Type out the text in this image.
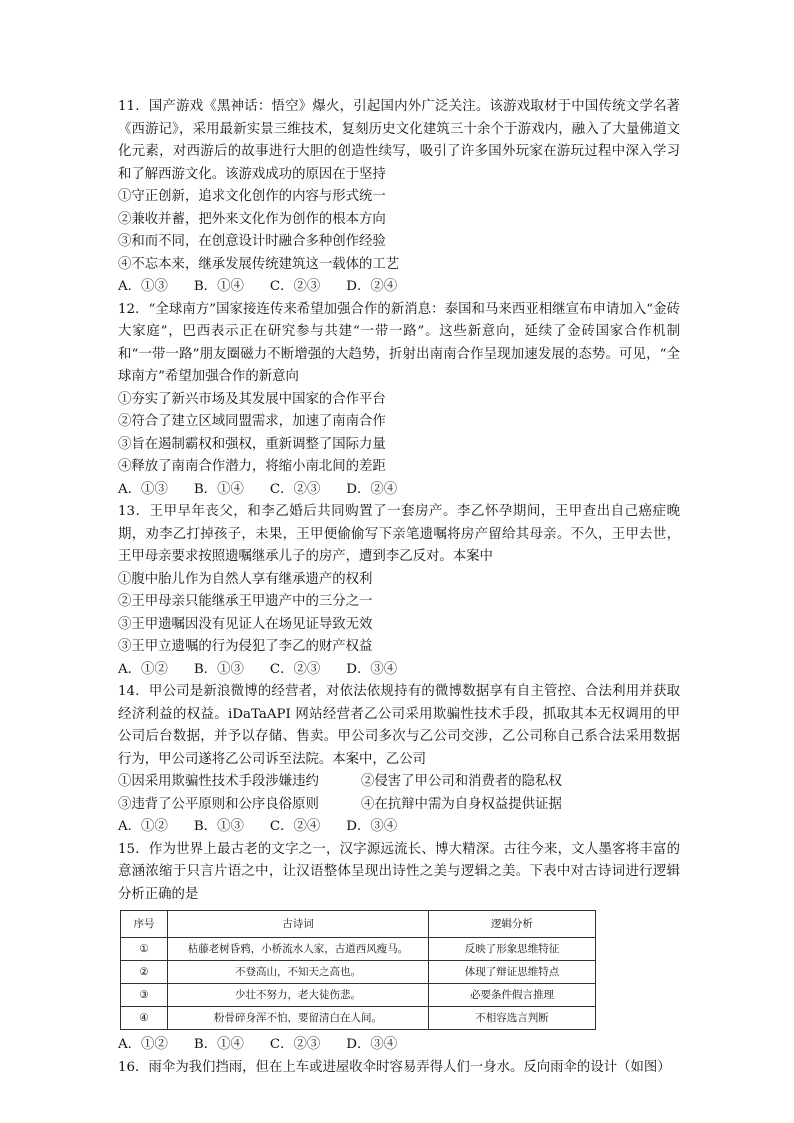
11．国产游戏《黑神话：悟空》爆火，引起国内外广泛关注。该游戏取材于中国传统文学名著《西游记》，采用最新实景三维技术，复刻历史文化建筑三十余个于游戏内，融入了大量佛道文化元素，对西游后的故事进行大胆的创造性续写，吸引了许多国外玩家在游玩过程中深入学习和了解西游文化。该游戏成功的原因在于坚持

①守正创新，追求文化创作的内容与形式统一

②兼收并蓄，把外来文化作为创作的根本方向

③和而不同，在创意设计时融合多种创作经验

④不忘本来，继承发展传统建筑这一载体的工艺

A．①③ B．①④ C．②③ D．②④

12．“全球南方”国家接连传来希望加强合作的新消息：泰国和马来西亚相继宣布申请加入“金砖大家庭”，巴西表示正在研究参与共建“一带一路”。这些新意向，延续了金砖国家合作机制和“一带一路”朋友圈磁力不断增强的大趋势，折射出南南合作呈现加速发展的态势。可见，“全球南方”希望加强合作的新意向

①夯实了新兴市场及其发展中国家的合作平台

②符合了建立区域同盟需求，加速了南南合作

③旨在遏制霸权和强权，重新调整了国际力量

④释放了南南合作潜力，将缩小南北间的差距

A．①③ B．①④ C．②③ D．②④

13．王甲早年丧父，和李乙婚后共同购置了一套房产。李乙怀孕期间，王甲查出自己癌症晚期，劝李乙打掉孩子，未果，王甲便偷偷写下亲笔遗嘱将房产留给其母亲。不久，王甲去世，王甲母亲要求按照遗嘱继承儿子的房产，遭到李乙反对。本案中

①腹中胎儿作为自然人享有继承遗产的权利

②王甲母亲只能继承王甲遗产中的三分之一

③王甲遗嘱因没有见证人在场见证导致无效

③王甲立遗嘱的行为侵犯了李乙的财产权益

A．①② B．①③ C．②③ D．③④

14．甲公司是新浪微博的经营者，对依法依规持有的微博数据享有自主管控、合法利用并获取经济利益的权益。iDaTaAPI 网站经营者乙公司采用欺骗性技术手段，抓取其本无权调用的甲公司后台数据，并予以存储、售卖。甲公司多次与乙公司交涉，乙公司称自己系合法采用数据行为，甲公司遂将乙公司诉至法院。本案中，乙公司

①因采用欺骗性技术手段涉嫌违约	②侵害了甲公司和消费者的隐私权

③违背了公平原则和公序良俗原则	④在抗辩中需为自身权益提供证据

A．①② B．①③ C．②④ D．③④

15．作为世界上最古老的文字之一，汉字源远流长、博大精深。古往今来，文人墨客将丰富的意涵浓缩于只言片语之中，让汉语整体呈现出诗性之美与逻辑之美。下表中对古诗词进行逻辑分析正确的是

序号	古诗词	逻辑分析
①	枯藤老树昏鸦，小桥流水人家，古道西风瘦马。	反映了形象思维特征
②	不登高山，不知天之高也。	体现了辩证思维特点
③	少壮不努力，老大徒伤悲。	必要条件假言推理
④	粉骨碎身浑不怕，要留清白在人间。	不相容选言判断

A．①② B．①④ C．②③ D．③④

16．雨伞为我们挡雨，但在上车或进屋收伞时容易弄得人们一身水。反向雨伞的设计（如图）
